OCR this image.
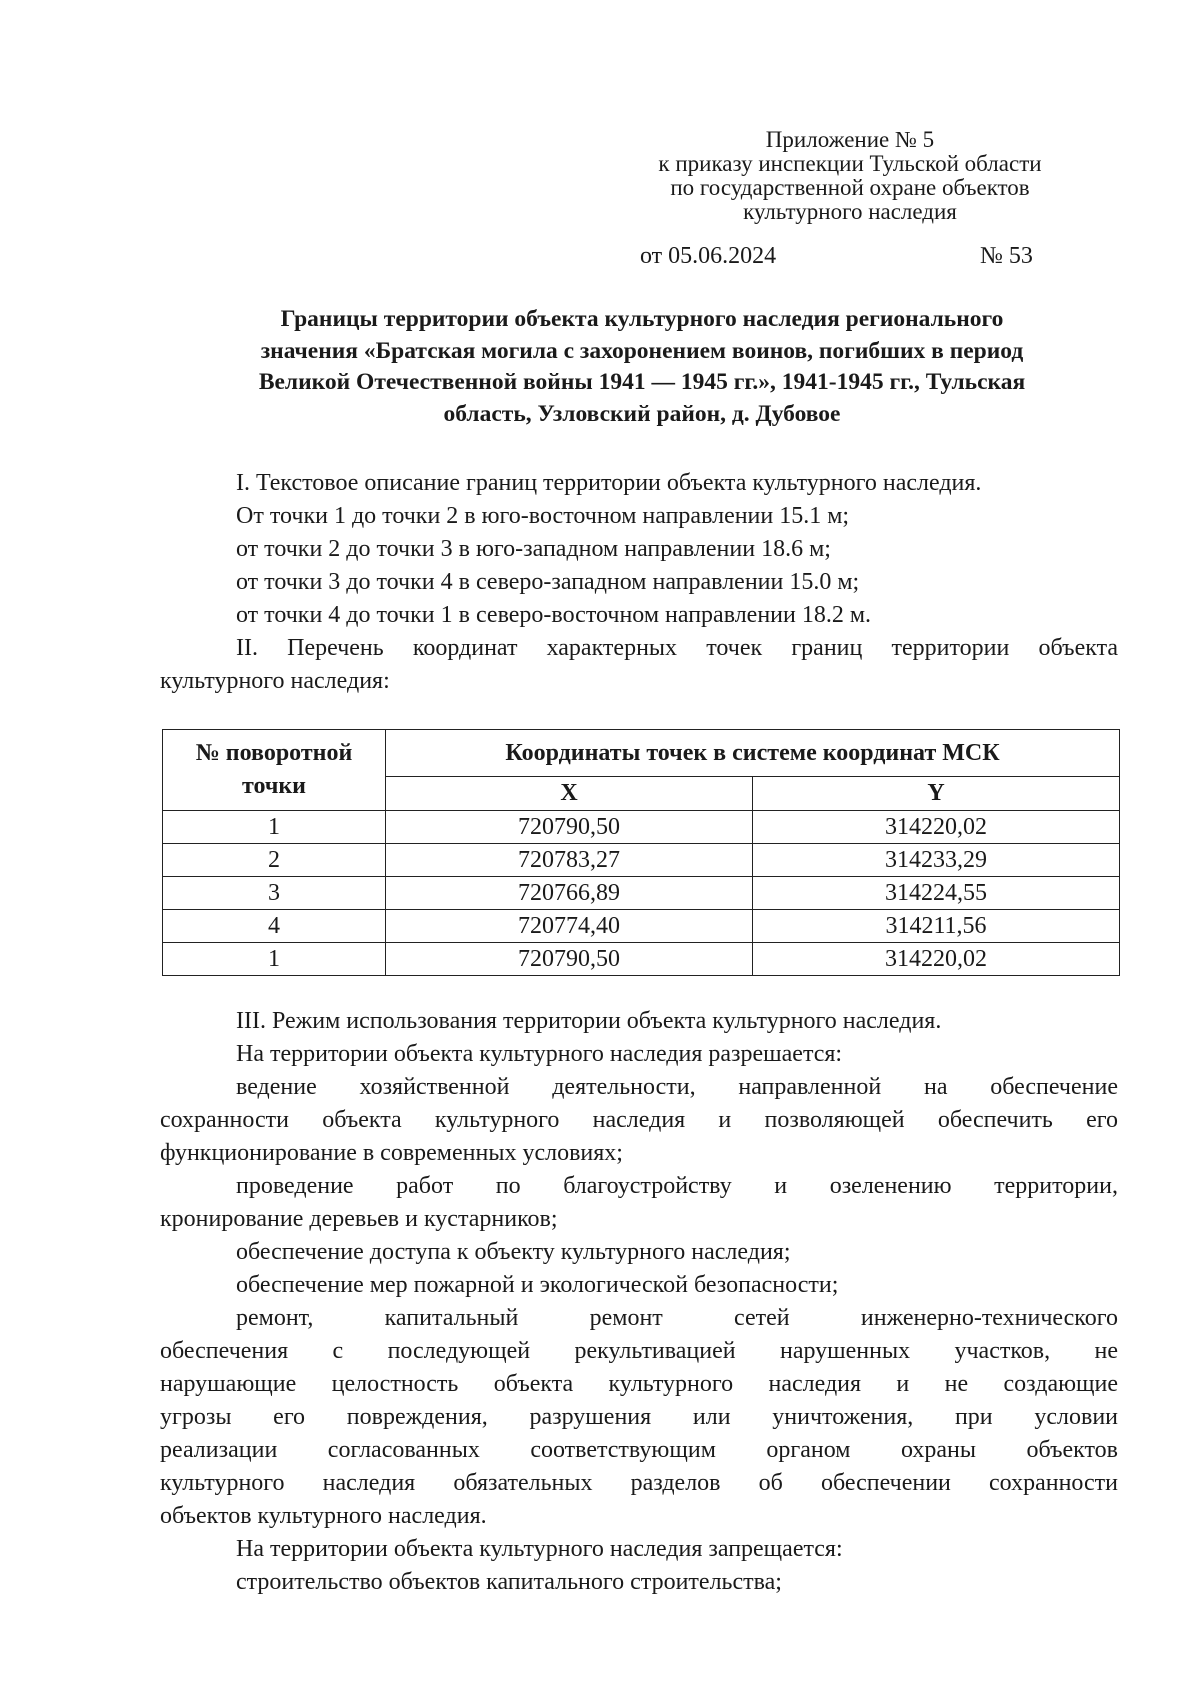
Приложение № 5
к приказу инспекции Тульской области
по государственной охране объектов
культурного наследия
от 05.06.2024	№ 53
Границы территории объекта культурного наследия регионального
значения «Братская могила с захоронением воинов, погибших в период
Великой Отечественной войны 1941 — 1945 гг.», 1941-1945 гг., Тульская
область, Узловский район, д. Дубовое
I. Текстовое описание границ территории объекта культурного наследия.
От точки 1 до точки 2 в юго-восточном направлении 15.1 м;
от точки 2 до точки 3 в юго-западном направлении 18.6 м;
от точки 3 до точки 4 в северо-западном направлении 15.0 м;
от точки 4 до точки 1 в северо-восточном направлении 18.2 м.
II. Перечень координат характерных точек границ территории объекта
культурного наследия:
№ поворотной точки	Координаты точек в системе координат МСК	
	X	Y
1	720790,50	314220,02
2	720783,27	314233,29
3	720766,89	314224,55
4	720774,40	314211,56
1	720790,50	314220,02
III. Режим использования территории объекта культурного наследия.
На территории объекта культурного наследия разрешается:
ведение хозяйственной деятельности, направленной на обеспечение
сохранности объекта культурного наследия и позволяющей обеспечить его
функционирование в современных условиях;
проведение работ по благоустройству и озеленению территории,
кронирование деревьев и кустарников;
обеспечение доступа к объекту культурного наследия;
обеспечение мер пожарной и экологической безопасности;
ремонт, капитальный ремонт сетей инженерно-технического
обеспечения с последующей рекультивацией нарушенных участков, не
нарушающие целостность объекта культурного наследия и не создающие
угрозы его повреждения, разрушения или уничтожения, при условии
реализации согласованных соответствующим органом охраны объектов
культурного наследия обязательных разделов об обеспечении сохранности
объектов культурного наследия.
На территории объекта культурного наследия запрещается:
строительство объектов капитального строительства;
